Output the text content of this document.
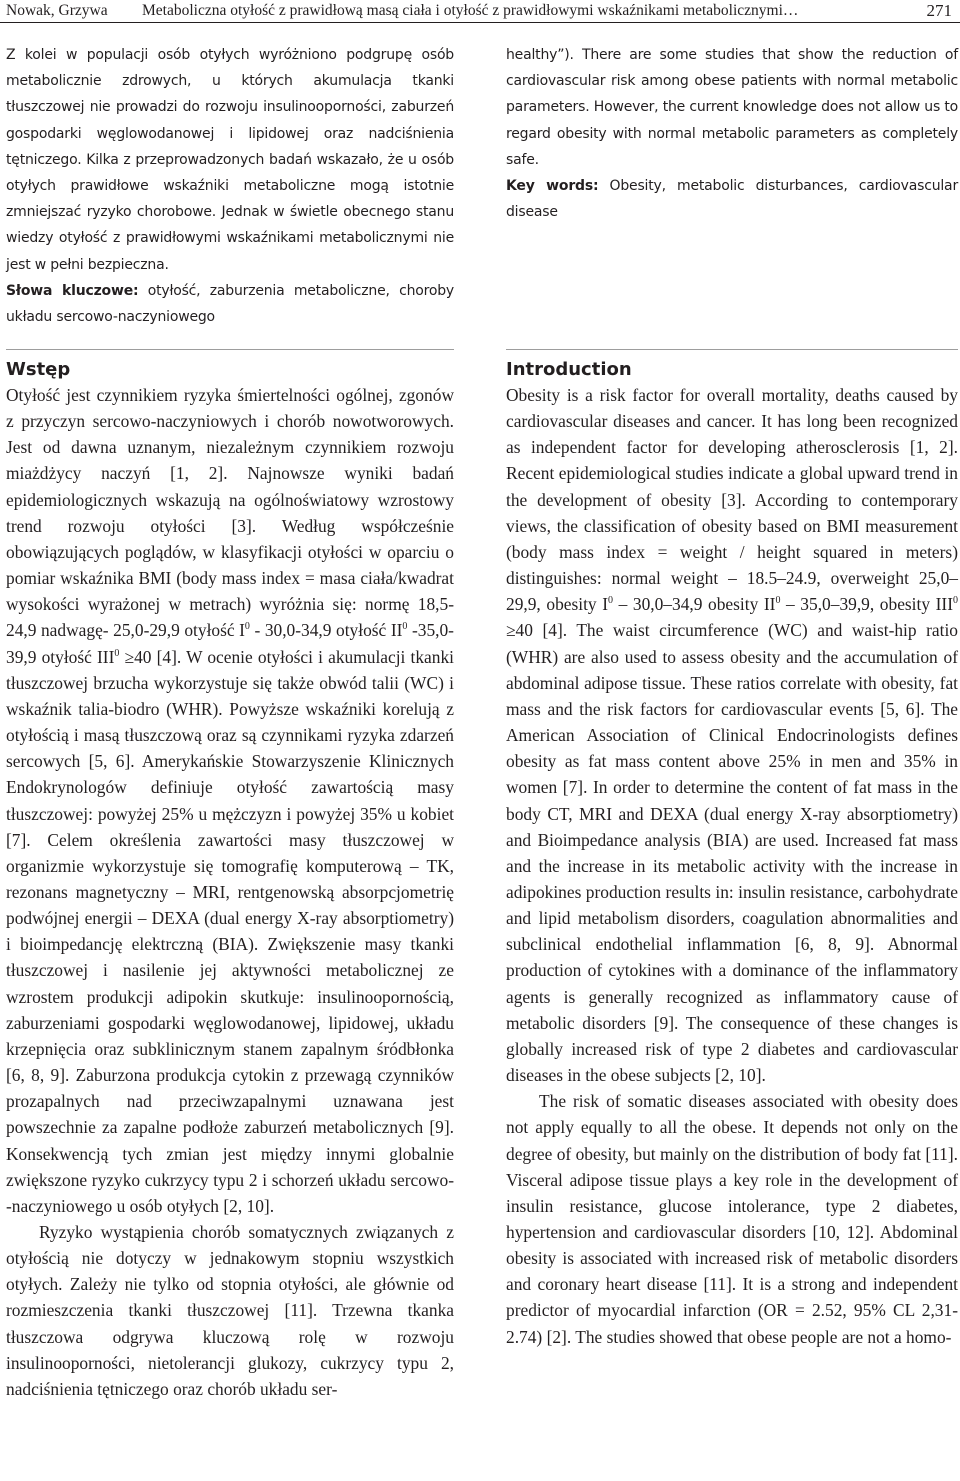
Nowak, Grzywa Metaboliczna otyłość z prawidłową masą ciała i otyłość z prawidłowymi wskaźnikami metabolicznymi…	271

Z kolei w populacji osób otyłych wyróżniono podgrupę osób metabolicznie zdrowych, u których akumulacja tkanki tłuszczowej nie prowadzi do rozwoju insulinooporności, zaburzeń gospodarki węglowodanowej i lipidowej oraz nadciśnienia tętniczego. Kilka z przeprowadzonych badań wskazało, że u osób otyłych prawidłowe wskaźniki metaboliczne mogą istotnie zmniejszać ryzyko chorobowe. Jednak w świetle obecnego stanu wiedzy otyłość z prawidłowymi wskaźnikami metabolicznymi nie jest w pełni bezpieczna.
Słowa kluczowe: otyłość, zaburzenia metaboliczne, choroby układu sercowo-naczyniowego

healthy”). There are some studies that show the reduction of cardiovascular risk among obese patients with normal metabolic parameters. However, the current knowledge does not allow us to regard obesity with normal metabolic parameters as completely safe.
Key words: Obesity, metabolic disturbances, cardiovascular disease

Wstęp

Otyłość jest czynnikiem ryzyka śmiertelności ogólnej, zgonów z przyczyn sercowo-naczyniowych i chorób nowotworowych. Jest od dawna uznanym, niezależnym czynnikiem rozwoju miażdżycy naczyń [1, 2]. Najnowsze wyniki badań epidemiologicznych wskazują na ogólnoświatowy wzrostowy trend rozwoju otyłości [3]. Według współcześnie obowiązujących poglądów, w klasyfikacji otyłości w oparciu o pomiar wskaźnika BMI (body mass index = masa ciała/kwadrat wysokości wyrażonej w metrach) wyróżnia się: normę 18,5-24,9 nadwagę- 25,0-29,9 otyłość $I^0 - 30,0-34,9$ otyłość $II^0$ -35,0-39,9 otyłość $III^0 \ge 40$ [4]. W ocenie otyłości i akumulacji tkanki tłuszczowej brzucha wykorzystuje się także obwód talii (WC) i wskaźnik talia-biodro (WHR). Powyższe wskaźniki korelują z otyłością i masą tłuszczową oraz są czynnikami ryzyka zdarzeń sercowych [5, 6]. Amerykańskie Stowarzyszenie Klinicznych Endokrynologów definiuje otyłość zawartością masy tłuszczowej: powyżej 25% u mężczyzn i powyżej 35% u kobiet [7]. Celem określenia zawartości masy tłuszczowej w organizmie wykorzystuje się tomografię komputerową – TK, rezonans magnetyczny – MRI, rentgenowską absorpcjometrię podwójnej energii – DEXA (dual energy X-ray absorptiometry) i bioimpedancję elektrczną (BIA). Zwiększenie masy tkanki tłuszczowej i nasilenie jej aktywności metabolicznej ze wzrostem produkcji adipokin skutkuje: insulinoopornością, zaburzeniami gospodarki węglowodanowej, lipidowej, układu krzepnięcia oraz subklinicznym stanem zapalnym śródbłonka [6, 8, 9]. Zaburzona produkcja cytokin z przewagą czynników prozapalnych nad przeciwzapalnymi uznawana jest powszechnie za zapalne podłoże zaburzeń metabolicznych [9]. Konsekwencją tych zmian jest między innymi globalnie zwiększone ryzyko cukrzycy typu 2 i schorzeń układu sercowo--naczyniowego u osób otyłych [2, 10].

Ryzyko wystąpienia chorób somatycznych związanych z otyłością nie dotyczy w jednakowym stopniu wszystkich otyłych. Zależy nie tylko od stopnia otyłości, ale głównie od rozmieszczenia tkanki tłuszczowej [11]. Trzewna tkanka tłuszczowa odgrywa kluczową rolę w rozwoju insulinooporności, nietolerancji glukozy, cukrzycy typu 2, nadciśnienia tętniczego oraz chorób układu ser-

Introduction

Obesity is a risk factor for overall mortality, deaths caused by cardiovascular diseases and cancer. It has long been recognized as independent factor for developing atherosclerosis [1, 2]. Recent epidemiological studies indicate a global upward trend in the development of obesity [3]. According to contemporary views, the classification of obesity based on BMI measurement (body mass index = weight / height squared in meters) distinguishes: normal weight – 18.5–24.9, overweight 25,0–29,9, obesity $I^0 - 30,0-34,9$ obesity $II^0 - 35,0-39,9$, obesity $III^0 \ge 40$ [4]. The waist circumference (WC) and waist-hip ratio (WHR) are also used to assess obesity and the accumulation of abdominal adipose tissue. These ratios correlate with obesity, fat mass and the risk factors for cardiovascular events [5, 6]. The American Association of Clinical Endocrinologists defines obesity as fat mass content above 25% in men and 35% in women [7]. In order to determine the content of fat mass in the body CT, MRI and DEXA (dual energy X-ray absorptiometry) and Bioimpedance analysis (BIA) are used. Increased fat mass and the increase in its metabolic activity with the increase in adipokines production results in: insulin resistance, carbohydrate and lipid metabolism disorders, coagulation abnormalities and subclinical endothelial inflammation [6, 8, 9]. Abnormal production of cytokines with a dominance of the inflammatory agents is generally recognized as inflammatory cause of metabolic disorders [9]. The consequence of these changes is globally increased risk of type 2 diabetes and cardiovascular diseases in the obese subjects [2, 10].

The risk of somatic diseases associated with obesity does not apply equally to all the obese. It depends not only on the degree of obesity, but mainly on the distribution of body fat [11]. Visceral adipose tissue plays a key role in the development of insulin resistance, glucose intolerance, type 2 diabetes, hypertension and cardiovascular disorders [10, 12]. Abdominal obesity is associated with increased risk of metabolic disorders and coronary heart disease [11]. It is a strong and independent predictor of myocardial infarction (OR = 2.52, 95% CL 2,31- 2.74) [2]. The studies showed that obese people are not a homo-
